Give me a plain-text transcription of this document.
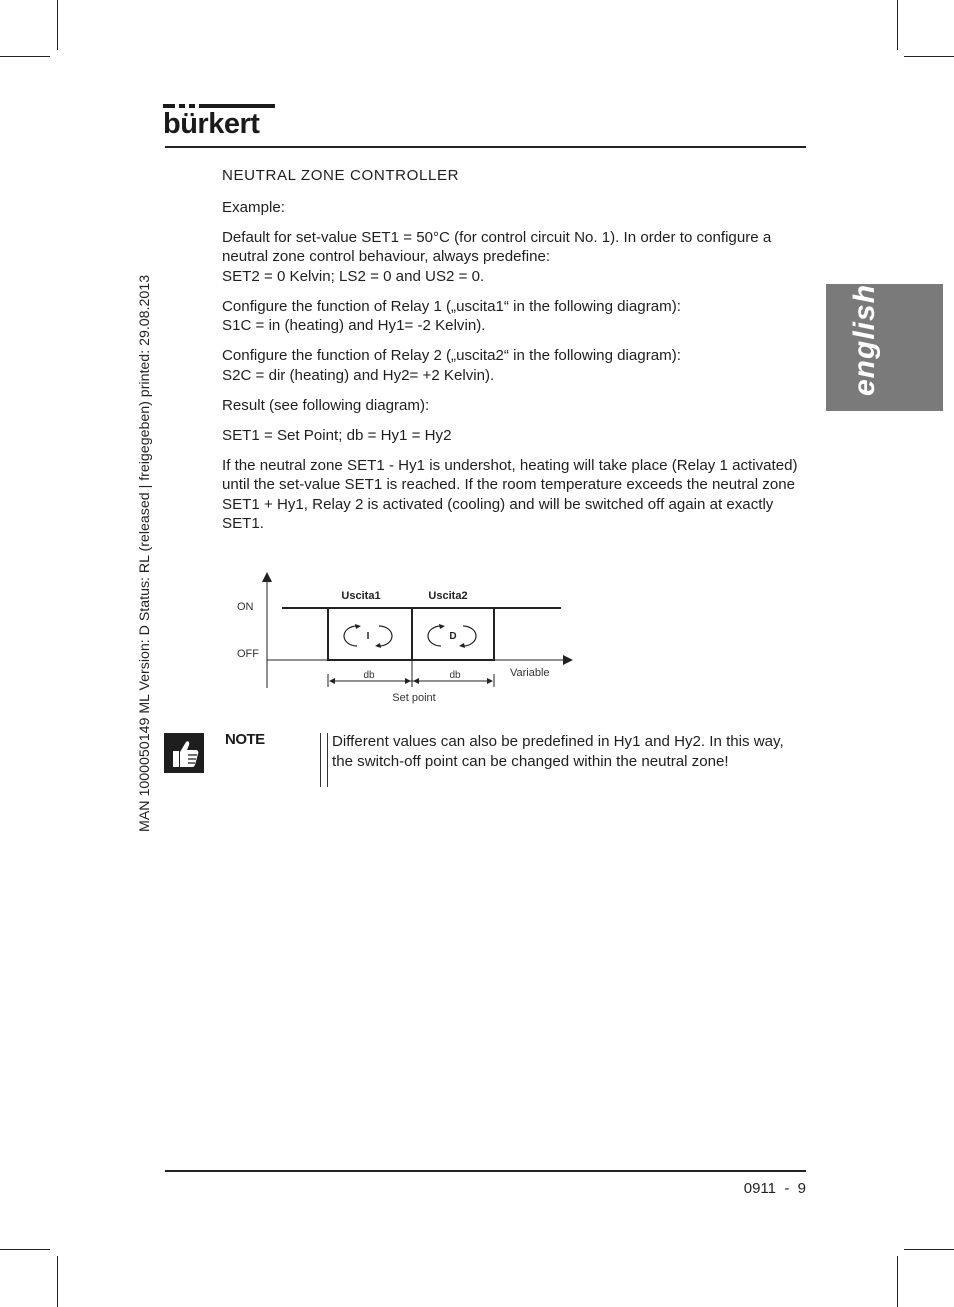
bürkert
MAN 1000050149 ML Version: D Status: RL (released | freigegeben) printed: 29.08.2013	english

NEUTRAL ZONE CONTROLLER

Example:

Default for set-value SET1 = 50°C (for control circuit No. 1). In order to configure a neutral zone control behaviour, always predefine:
SET2 = 0 Kelvin; LS2 = 0 and US2 = 0.

Configure the function of Relay 1 („uscita1“ in the following diagram):
S1C = in (heating) and Hy1= -2 Kelvin).

Configure the function of Relay 2 („uscita2“ in the following diagram):
S2C = dir (heating) and Hy2= +2 Kelvin).

Result (see following diagram):

SET1 = Set Point; db = Hy1 = Hy2

If the neutral zone SET1 - Hy1 is undershot, heating will take place (Relay 1 activated) until the set-value SET1 is reached. If the room temperature exceeds the neutral zone SET1 + Hy1, Relay 2 is activated (cooling) and will be switched off again at exactly SET1.

I	D
ON
OFF
Uscita1	Uscita2
db	db	Variable
Set point
NOTE	Different values can also be predefined in Hy1 and Hy2. In this way, the switch-off point can be changed within the neutral zone!
0911  -  9
